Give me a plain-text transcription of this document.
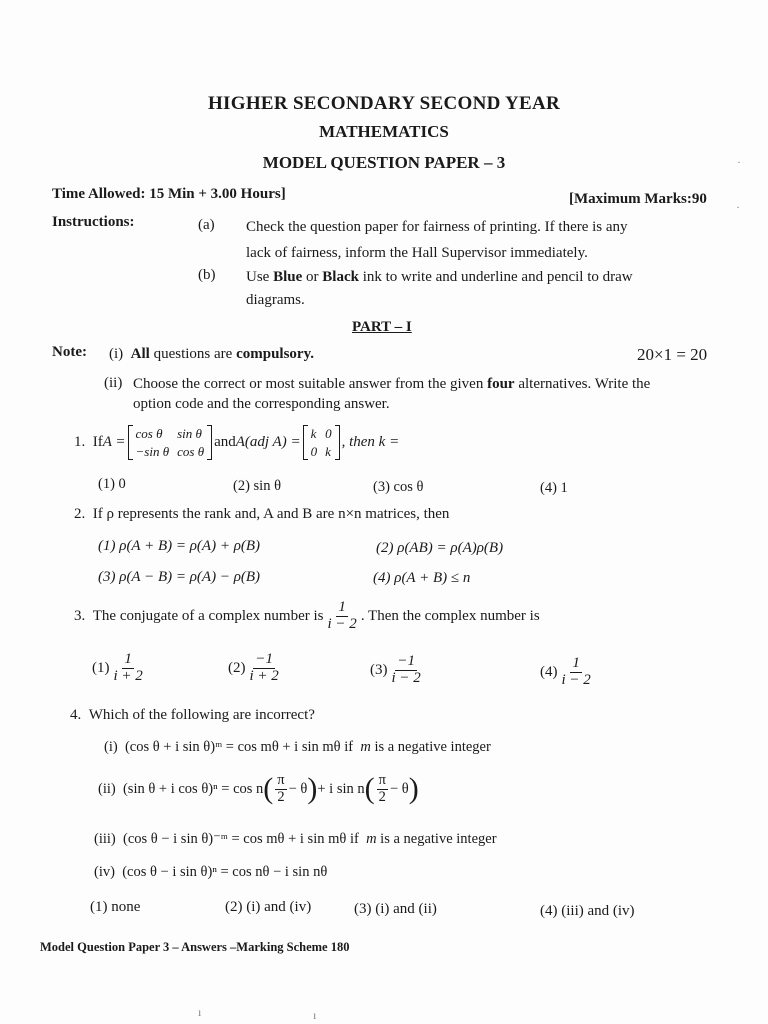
HIGHER SECONDARY SECOND YEAR
MATHEMATICS
MODEL QUESTION PAPER – 3
Time Allowed: 15 Min + 3.00 Hours]	[Maximum Marks:90
Instructions:	(a) Check the question paper for fairness of printing. If there is any
lack of fairness, inform the Hall Supervisor immediately.
(b) Use Blue or Black ink to write and underline and pencil to draw
diagrams.
PART – I
Note: (i) All questions are compulsory.	20×1 = 20
(ii) Choose the correct or most suitable answer from the given four alternatives. Write the
option code and the corresponding answer.
1.
If A =
cos θ	sin θ
−sin θ cos θ
and A(adj A) =
k 0
0 k
, then k =
(1) 0	(2) sin θ	(3) cos θ	(4) 1
2. If ρ represents the rank and, A and B are n×n matrices, then
(1) ρ(A + B) = ρ(A) + ρ(B)	(2) ρ(AB) = ρ(A)ρ(B)
(3) ρ(A − B) = ρ(A) − ρ(B)	(4) ρ(A + B) ≤ n
3.
The conjugate of a complex number is $\frac{1}{i - 2}$ . Then the complex number is
$(1) \frac{1}{i + 2}$	$(2) \frac{-1}{i + 2}$	$(3) \frac{-1}{i - 2}$	$(4) \frac{1}{i - 2}$
4. Which of the following are incorrect?
(i) (cos θ + i sin θ)ᵐ = cos mθ + i sin mθ if m is a negative integer
(ii)
(sin θ + i cos θ)ⁿ = cos n ( $\frac{\pi}{2} - \theta$ ) + i sin n ( $\frac{\pi}{2} - \theta$ )
(iii) (cos θ − i sin θ)⁻ᵐ = cos mθ + i sin mθ if m is a negative integer
(iv) (cos θ − i sin θ)ⁿ = cos nθ − i sin nθ
(1) none	(2) (i) and (iv)	(3) (i) and (ii)	(4) (iii) and (iv)
Model Question Paper 3 – Answers –Marking Scheme 180
·
·
ı	ı
